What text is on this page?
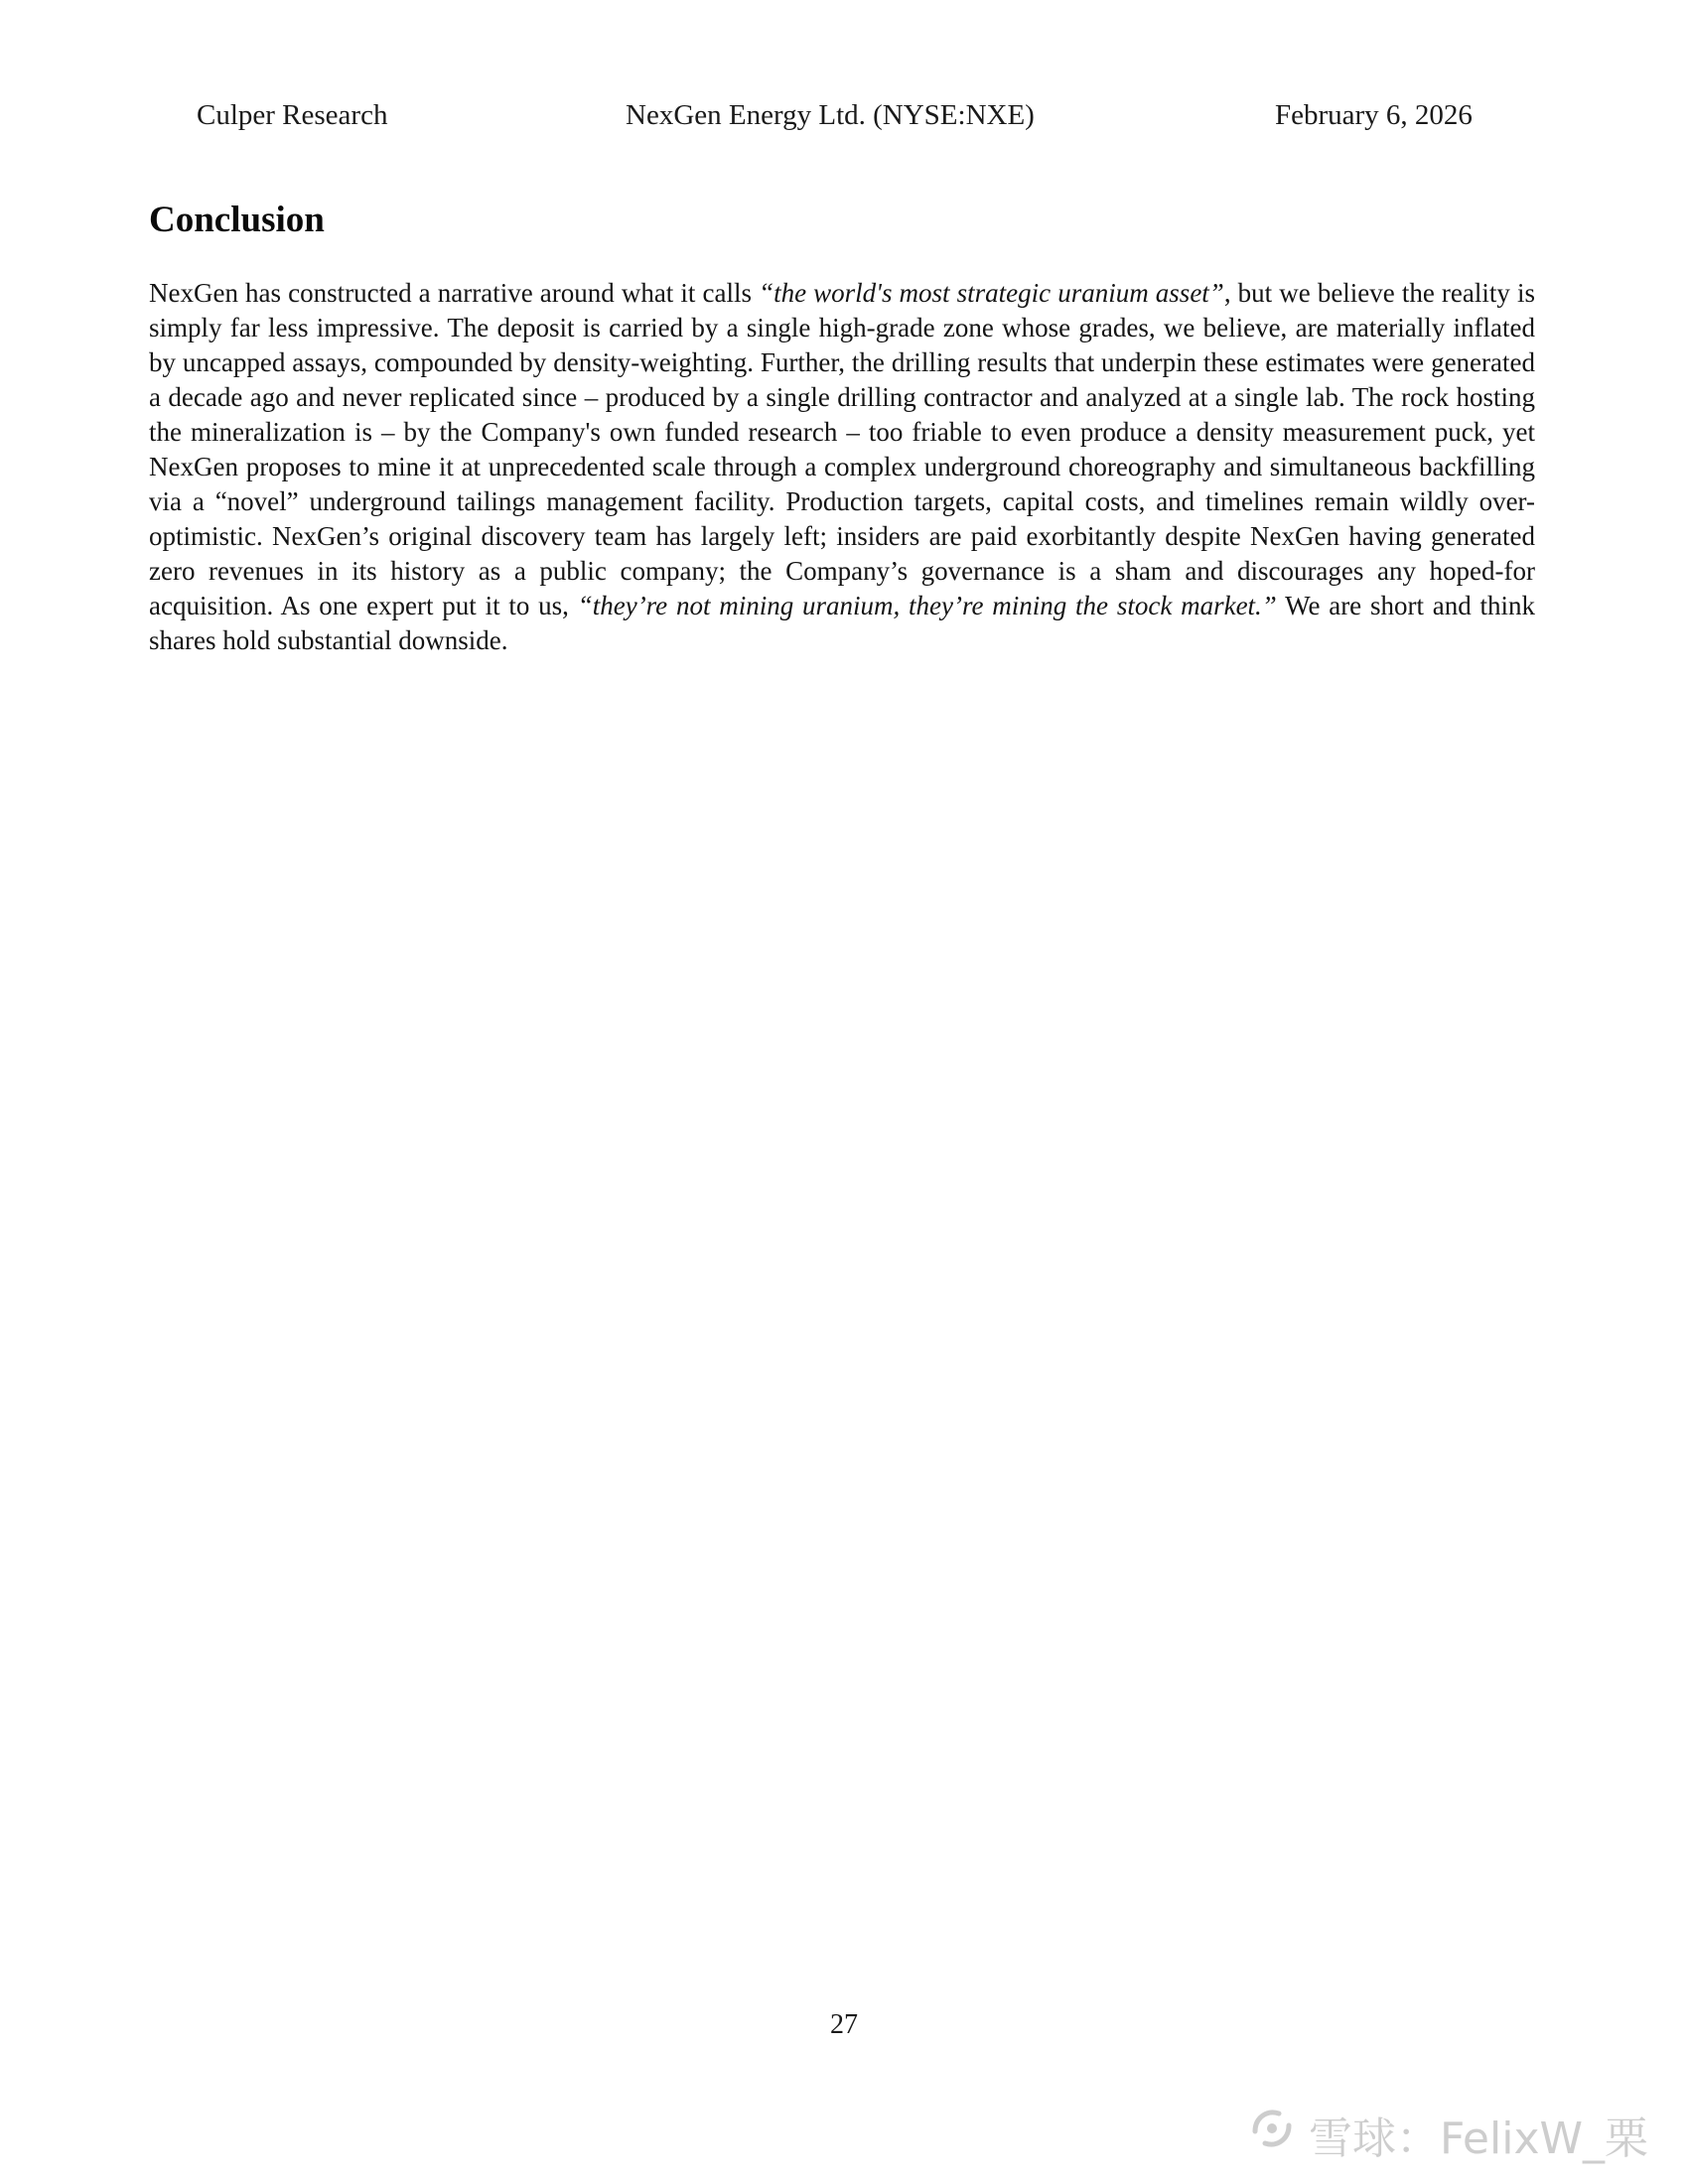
Culper Research	NexGen Energy Ltd. (NYSE:NXE)	February 6, 2026
Conclusion

NexGen has constructed a narrative around what it calls “the world's most strategic uranium asset”, but we believe the reality is simply far less impressive. The deposit is carried by a single high-grade zone whose grades, we believe, are materially inflated by uncapped assays, compounded by density-weighting. Further, the drilling results that underpin these estimates were generated a decade ago and never replicated since – produced by a single drilling contractor and analyzed at a single lab. The rock hosting the mineralization is – by the Company's own funded research – too friable to even produce a density measurement puck, yet NexGen proposes to mine it at unprecedented scale through a complex underground choreography and simultaneous backfilling via a “novel” underground tailings management facility. Production targets, capital costs, and timelines remain wildly over-optimistic. NexGen’s original discovery team has largely left; insiders are paid exorbitantly despite NexGen having generated zero revenues in its history as a public company; the Company’s governance is a sham and discourages any hoped-for acquisition. As one expert put it to us, “they’re not mining uranium, they’re mining the stock market.” We are short and think shares hold substantial downside.

27
雪球：FelixW_栗
